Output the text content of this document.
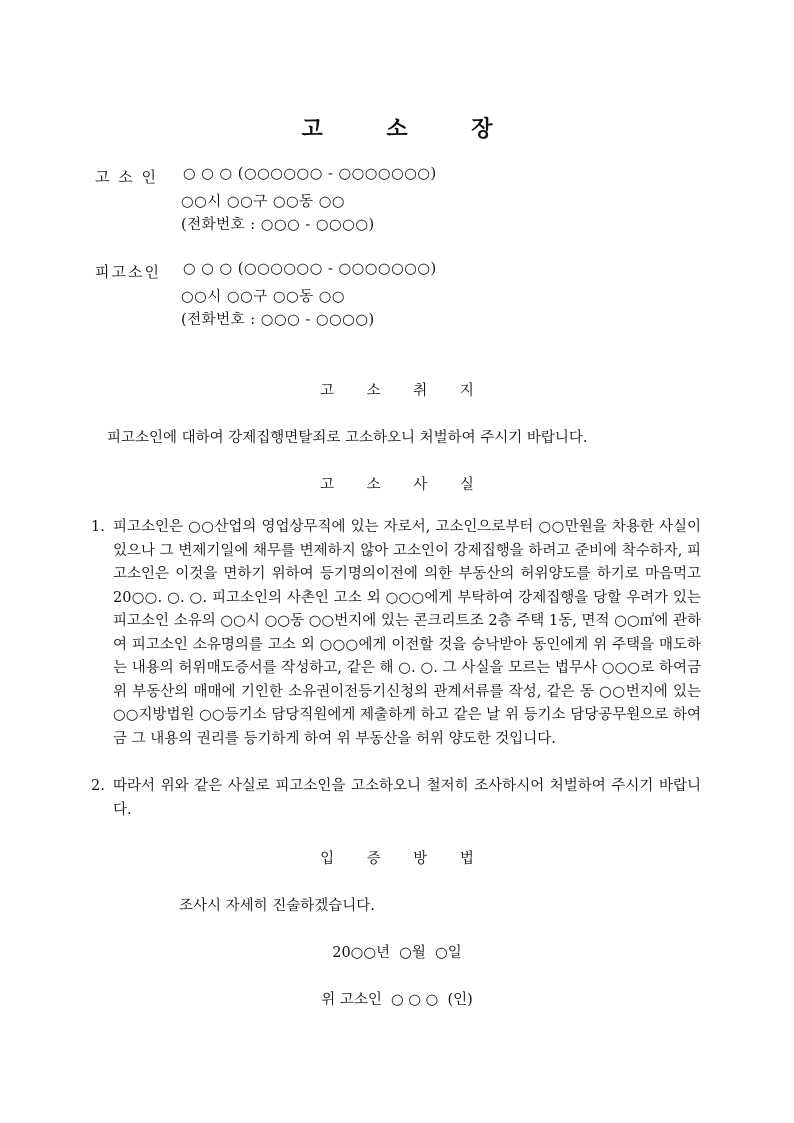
고 소 장
고 소 인 ○ ○ ○ (○○○○○○ - ○○○○○○○)
○○시 ○○구 ○○동 ○○
(전화번호 : ○○○ - ○○○○)
피고소인 ○ ○ ○ (○○○○○○ - ○○○○○○○)
○○시 ○○구 ○○동 ○○
(전화번호 : ○○○ - ○○○○)
고 소 취 지
피고소인에 대하여 강제집행면탈죄로 고소하오니 처벌하여 주시기 바랍니다.
고 소 사 실
1. 피고소인은 ○○산업의 영업상무직에 있는 자로서, 고소인으로부터 ○○만원을 차용한 사실이 있으나 그 변제기일에 채무를 변제하지 않아 고소인이 강제집행을 하려고 준비에 착수하자, 피고소인은 이것을 면하기 위하여 등기명의이전에 의한 부동산의 허위양도를 하기로 마음먹고 20○○. ○. ○. 피고소인의 사촌인 고소 외 ○○○에게 부탁하여 강제집행을 당할 우려가 있는 피고소인 소유의 ○○시 ○○동 ○○번지에 있는 콘크리트조 2층 주택 1동, 면적 ○○㎡에 관하여 피고소인 소유명의를 고소 외 ○○○에게 이전할 것을 승낙받아 동인에게 위 주택을 매도하는 내용의 허위매도증서를 작성하고, 같은 해 ○. ○. 그 사실을 모르는 법무사 ○○○로 하여금 위 부동산의 매매에 기인한 소유권이전등기신청의 관계서류를 작성, 같은 동 ○○번지에 있는 ○○지방법원 ○○등기소 담당직원에게 제출하게 하고 같은 날 위 등기소 담당공무원으로 하여금 그 내용의 권리를 등기하게 하여 위 부동산을 허위 양도한 것입니다.
2. 따라서 위와 같은 사실로 피고소인을 고소하오니 철저히 조사하시어 처벌하여 주시기 바랍니다.
입 증 방 법
조사시 자세히 진술하겠습니다.
20○○년  ○월  ○일
위 고소인  ○ ○ ○  (인)
